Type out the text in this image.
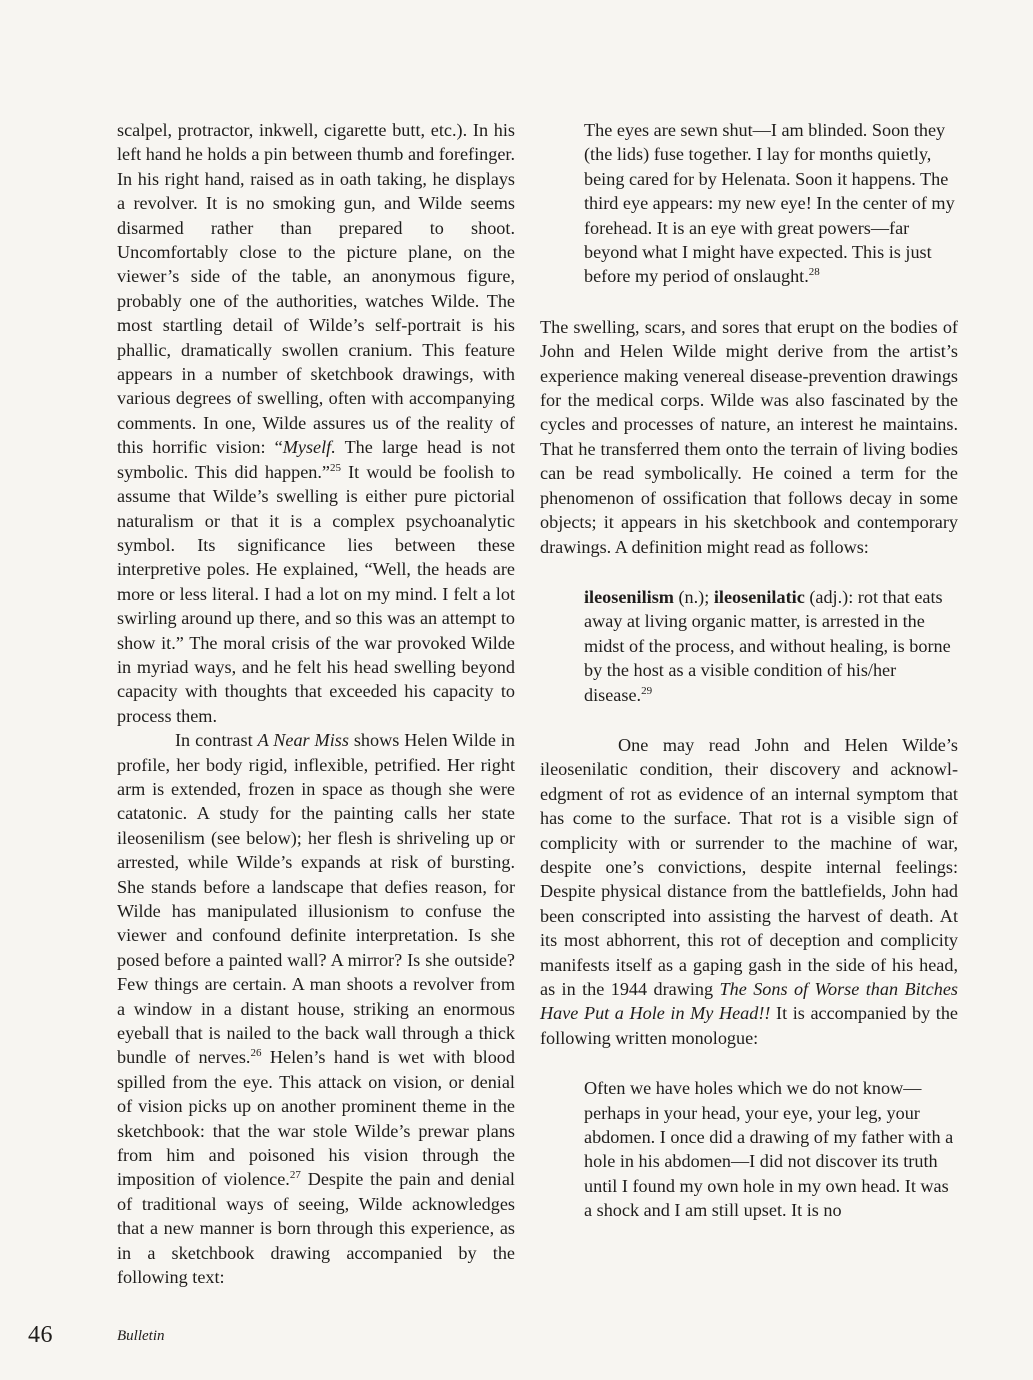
scalpel, protractor, inkwell, cigarette butt, etc.). In his left hand he holds a pin between thumb and forefinger. In his right hand, raised as in oath taking, he displays a revolver. It is no smoking gun, and Wilde seems disarmed rather than prepared to shoot. Uncomfortably close to the picture plane, on the viewer’s side of the table, an anonymous figure, probably one of the authorities, watches Wilde. The most startling detail of Wilde’s self-portrait is his phallic, dramatically swollen cranium. This feature appears in a number of sketchbook drawings, with various degrees of swelling, often with accompanying comments. In one, Wilde assures us of the reality of this horrific vision: “Myself. The large head is not symbolic. This did happen.”$^{25}$ It would be foolish to assume that Wilde’s swelling is either pure pictorial naturalism or that it is a complex psychoanalytic symbol. Its significance lies between these interpretive poles. He explained, “Well, the heads are more or less literal. I had a lot on my mind. I felt a lot swirling around up there, and so this was an attempt to show it.” The moral crisis of the war provoked Wilde in myriad ways, and he felt his head swelling beyond capacity with thoughts that exceeded his capacity to process them.

In contrast A Near Miss shows Helen Wilde in profile, her body rigid, inflexible, petrified. Her right arm is extended, frozen in space as though she were catatonic. A study for the painting calls her state ileosenilism (see below); her flesh is shriveling up or arrested, while Wilde’s expands at risk of bursting. She stands before a landscape that defies reason, for Wilde has manipulated illusionism to confuse the viewer and confound definite interpretation. Is she posed before a painted wall? A mirror? Is she outside? Few things are certain. A man shoots a revolver from a window in a distant house, striking an enormous eyeball that is nailed to the back wall through a thick bundle of nerves.$^{26}$ Helen’s hand is wet with blood spilled from the eye. This attack on vision, or denial of vision picks up on another prominent theme in the sketchbook: that the war stole Wilde’s prewar plans from him and poisoned his vision through the imposition of violence.$^{27}$ Despite the pain and denial of traditional ways of seeing, Wilde acknowledges that a new manner is born through this experience, as in a sketchbook drawing accompanied by the following text:

The eyes are sewn shut—I am blinded. Soon they (the lids) fuse together. I lay for months quietly, being cared for by Helenata. Soon it happens. The third eye appears: my new eye! In the center of my forehead. It is an eye with great powers—far beyond what I might have expected. This is just before my period of onslaught.$^{28}$

The swelling, scars, and sores that erupt on the bodies of John and Helen Wilde might derive from the artist’s experience making venereal disease-prevention drawings for the medical corps. Wilde was also fascinated by the cycles and processes of nature, an interest he maintains. That he transferred them onto the terrain of living bodies can be read symbolically. He coined a term for the phenomenon of ossification that follows decay in some objects; it appears in his sketchbook and contemporary drawings. A definition might read as follows:

ileosenilism (n.); ileosenilatic (adj.): rot that eats away at living organic matter, is arrested in the midst of the process, and without healing, is borne by the host as a visible condition of his/her disease.$^{29}$

One may read John and Helen Wilde’s ileosenilatic condition, their discovery and acknowledgment of rot as evidence of an internal symptom that has come to the surface. That rot is a visible sign of complicity with or surrender to the machine of war, despite one’s convictions, despite internal feelings: Despite physical distance from the battlefields, John had been conscripted into assisting the harvest of death. At its most abhorrent, this rot of deception and complicity manifests itself as a gaping gash in the side of his head, as in the 1944 drawing The Sons of Worse than Bitches Have Put a Hole in My Head!! It is accompanied by the following written monologue:

Often we have holes which we do not know—perhaps in your head, your eye, your leg, your abdomen. I once did a drawing of my father with a hole in his abdomen—I did not discover its truth until I found my own hole in my own head. It was a shock and I am still upset. It is no

46	Bulletin
